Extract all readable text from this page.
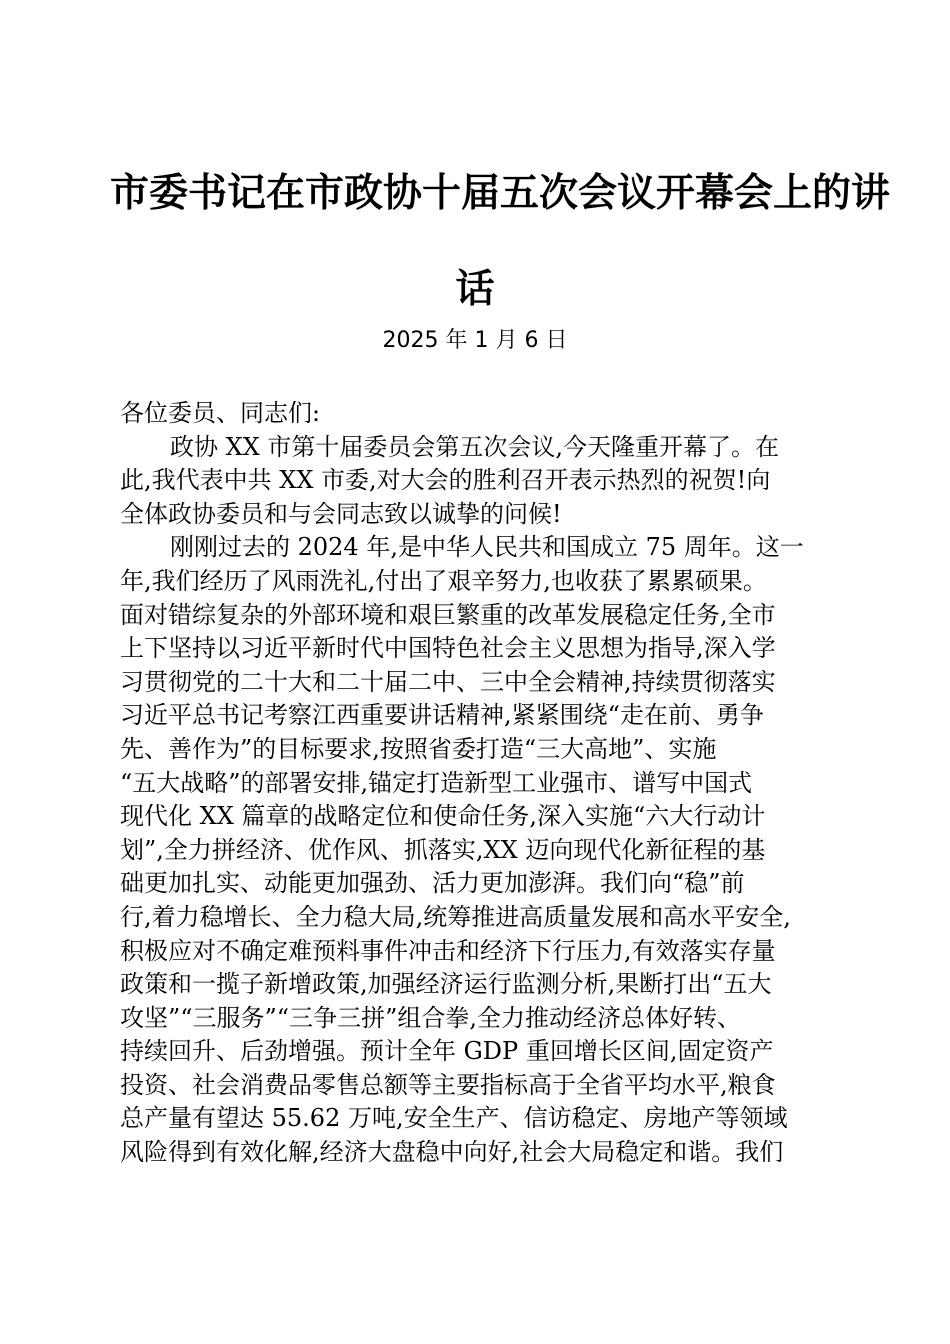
市委书记在市政协十届五次会议开幕会上的讲
话
2025 年 1 月 6 日
各位委员、同志们:
政协 XX 市第十届委员会第五次会议,今天隆重开幕了。在
此,我代表中共 XX 市委,对大会的胜利召开表示热烈的祝贺!向
全体政协委员和与会同志致以诚挚的问候!
刚刚过去的 2024 年,是中华人民共和国成立 75 周年。这一
年,我们经历了风雨洗礼,付出了艰辛努力,也收获了累累硕果。
面对错综复杂的外部环境和艰巨繁重的改革发展稳定任务,全市
上下坚持以习近平新时代中国特色社会主义思想为指导,深入学
习贯彻党的二十大和二十届二中、三中全会精神,持续贯彻落实
习近平总书记考察江西重要讲话精神,紧紧围绕“走在前、勇争
先、善作为”的目标要求,按照省委打造“三大高地”、实施
“五大战略”的部署安排,锚定打造新型工业强市、谱写中国式
现代化 XX 篇章的战略定位和使命任务,深入实施“六大行动计
划”,全力拼经济、优作风、抓落实,XX 迈向现代化新征程的基
础更加扎实、动能更加强劲、活力更加澎湃。我们向“稳”前
行,着力稳增长、全力稳大局,统筹推进高质量发展和高水平安全,
积极应对不确定难预料事件冲击和经济下行压力,有效落实存量
政策和一揽子新增政策,加强经济运行监测分析,果断打出“五大
攻坚”“三服务”“三争三拼”组合拳,全力推动经济总体好转、
持续回升、后劲增强。预计全年 GDP 重回增长区间,固定资产
投资、社会消费品零售总额等主要指标高于全省平均水平,粮食
总产量有望达 55.62 万吨,安全生产、信访稳定、房地产等领域
风险得到有效化解,经济大盘稳中向好,社会大局稳定和谐。我们
